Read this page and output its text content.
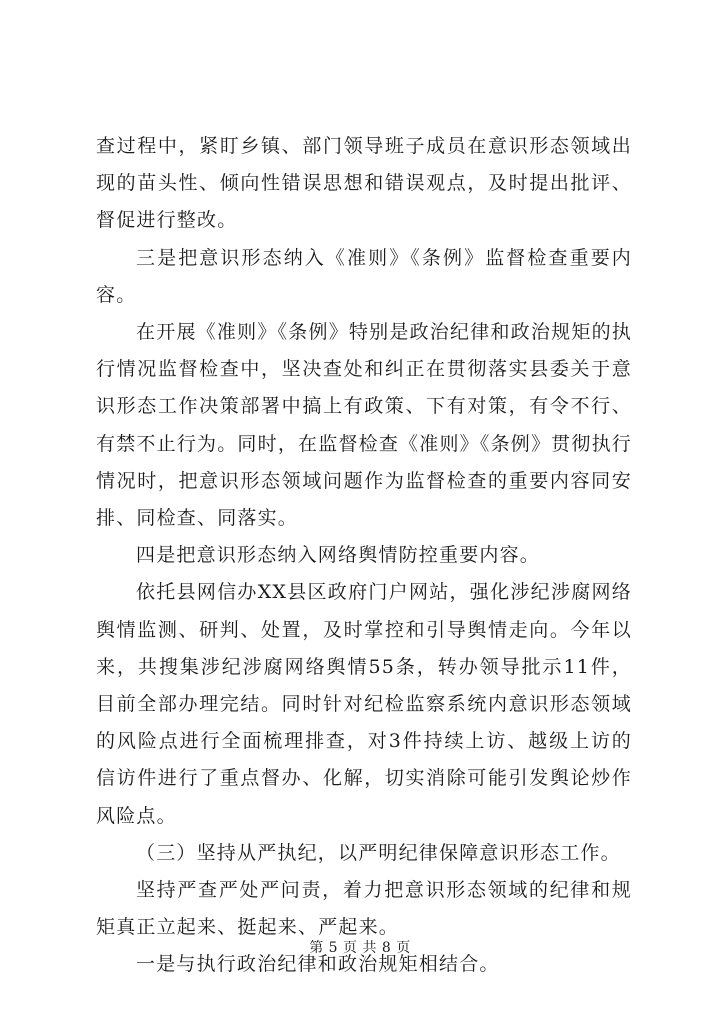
查过程中，紧盯乡镇、部门领导班子成员在意识形态领域出现的苗头性、倾向性错误思想和错误观点，及时提出批评、督促进行整改。

三是把意识形态纳入《准则》《条例》监督检查重要内容。

在开展《准则》《条例》特别是政治纪律和政治规矩的执行情况监督检查中，坚决查处和纠正在贯彻落实县委关于意识形态工作决策部署中搞上有政策、下有对策，有令不行、有禁不止行为。同时，在监督检查《准则》《条例》贯彻执行情况时，把意识形态领域问题作为监督检查的重要内容同安排、同检查、同落实。

四是把意识形态纳入网络舆情防控重要内容。

依托县网信办XX县区政府门户网站，强化涉纪涉腐网络舆情监测、研判、处置，及时掌控和引导舆情走向。今年以来，共搜集涉纪涉腐网络舆情55条，转办领导批示11件，目前全部办理完结。同时针对纪检监察系统内意识形态领域的风险点进行全面梳理排查，对3件持续上访、越级上访的信访件进行了重点督办、化解，切实消除可能引发舆论炒作风险点。

（三）坚持从严执纪，以严明纪律保障意识形态工作。

坚持严查严处严问责，着力把意识形态领域的纪律和规矩真正立起来、挺起来、严起来。

一是与执行政治纪律和政治规矩相结合。

第 5 页 共 8 页
